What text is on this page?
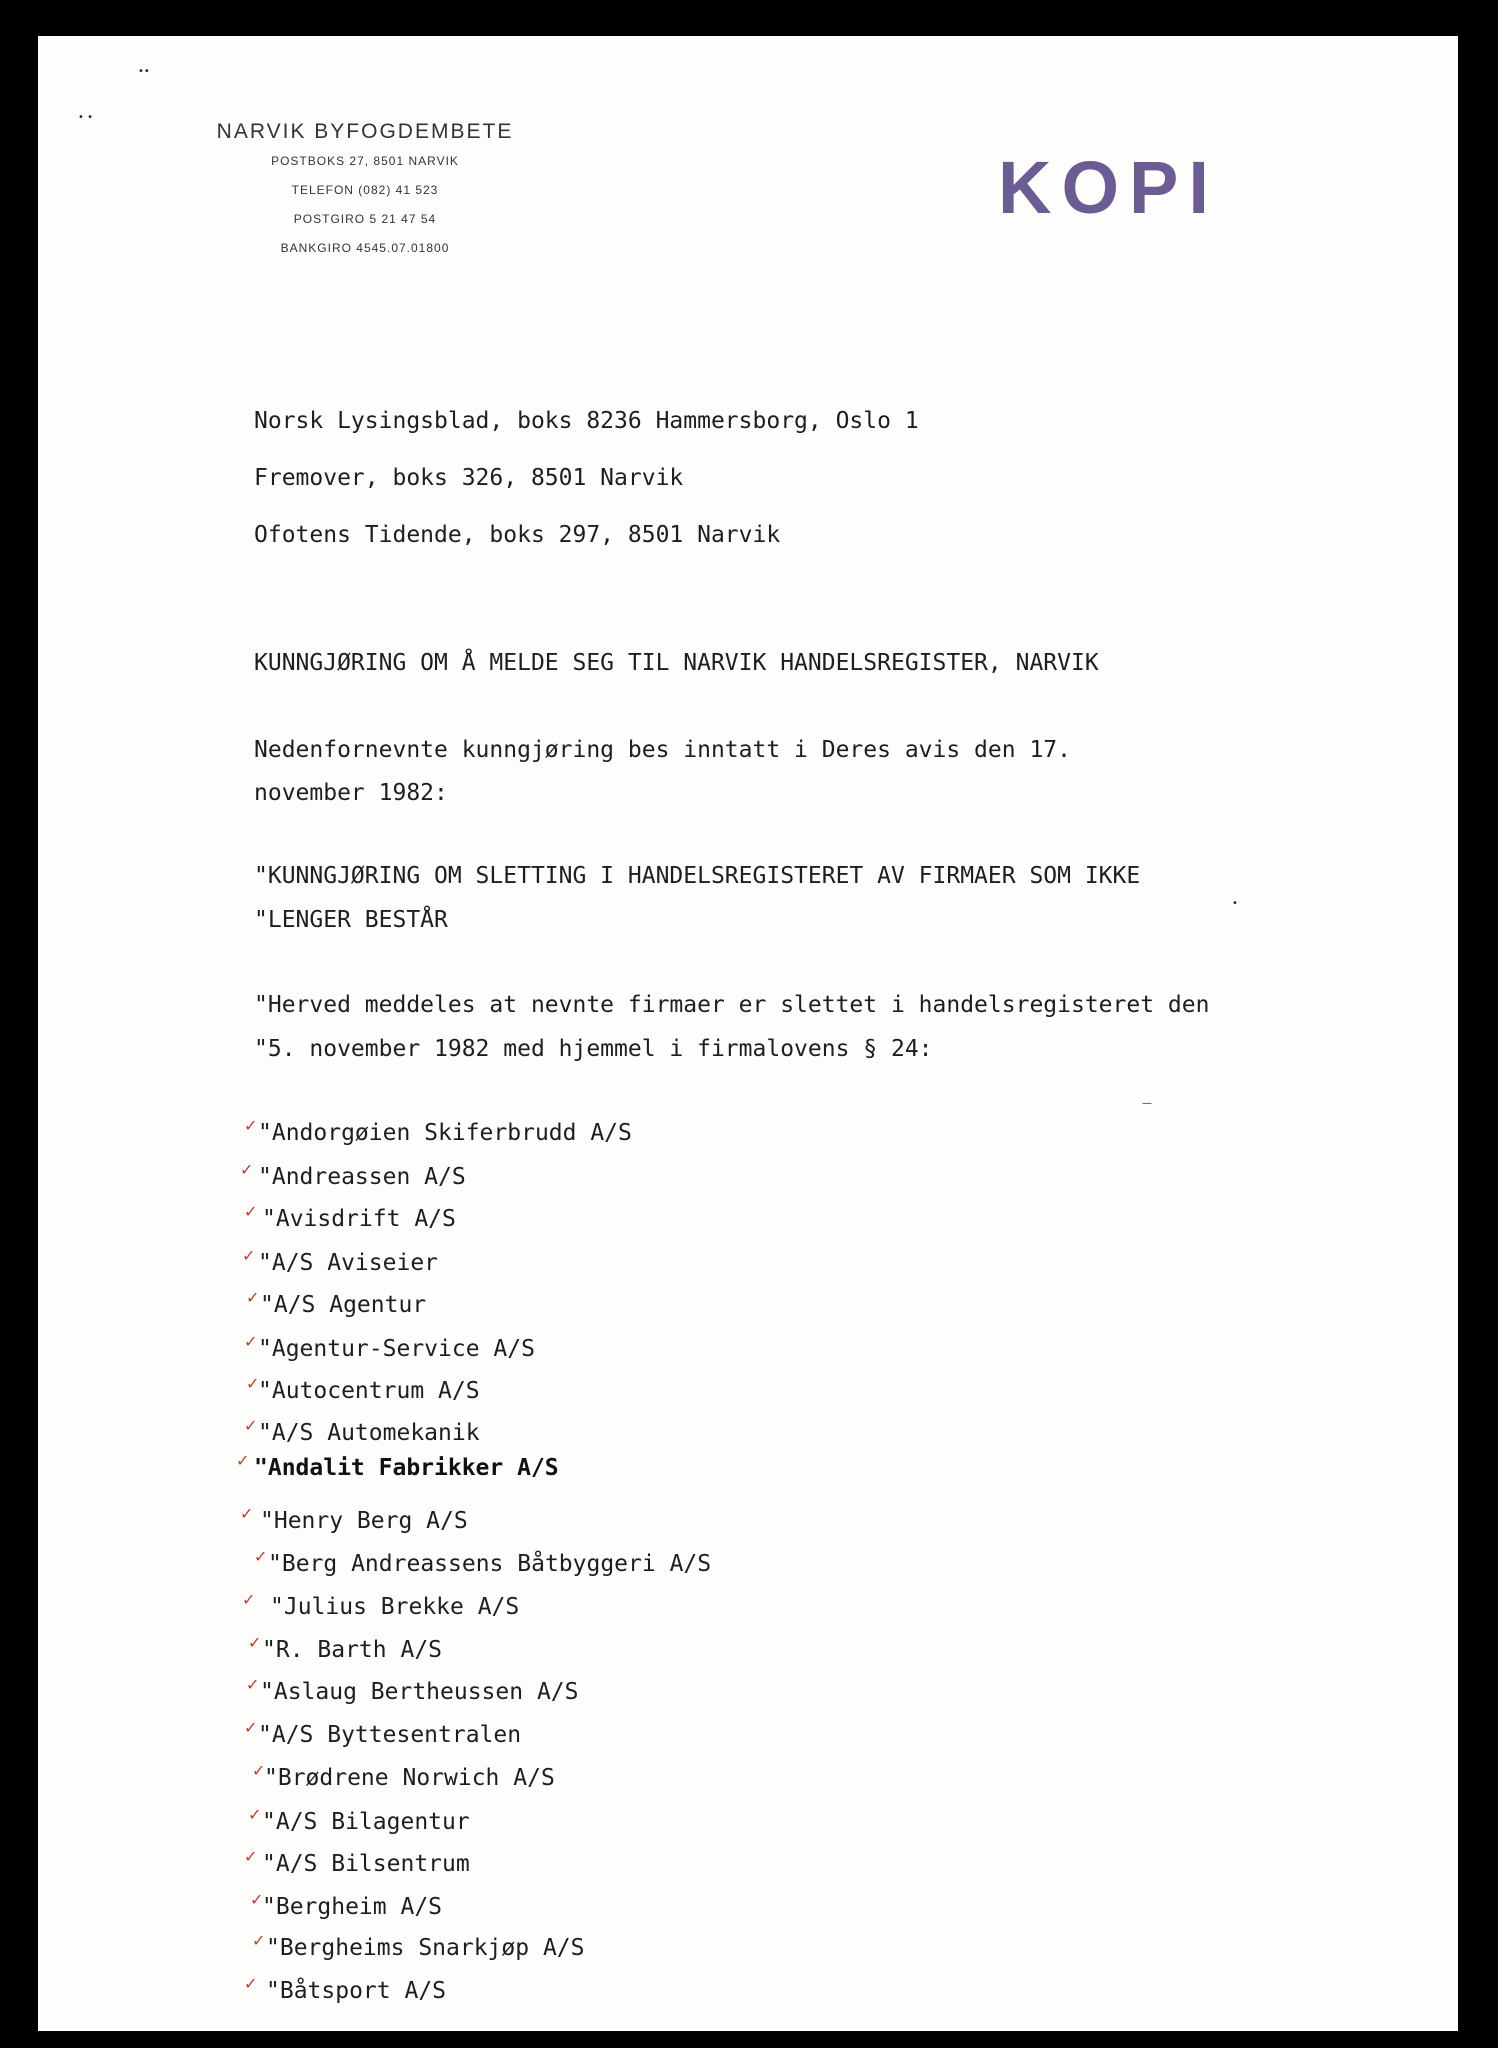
NARVIK BYFOGDEMBETE
POSTBOKS 27, 8501 NARVIK
TELEFON (082) 41 523
POSTGIRO 5 21 47 54
BANKGIRO 4545.07.01800
KOPI
••
• •
•
—
Norsk Lysingsblad, boks 8236 Hammersborg, Oslo 1
Fremover, boks 326, 8501 Narvik
Ofotens Tidende, boks 297, 8501 Narvik
KUNNGJØRING OM Å MELDE SEG TIL NARVIK HANDELSREGISTER, NARVIK
Nedenfornevnte kunngjøring bes inntatt i Deres avis den 17.
november 1982:
"KUNNGJØRING OM SLETTING I HANDELSREGISTERET AV FIRMAER SOM IKKE
"LENGER BESTÅR
"Herved meddeles at nevnte firmaer er slettet i handelsregisteret den
"5. november 1982 med hjemmel i firmalovens § 24:
✓ "Andorgøien Skiferbrudd A/S
✓ "Andreassen A/S
✓ "Avisdrift A/S
✓ "A/S Aviseier
✓ "A/S Agentur
✓ "Agentur-Service A/S
✓
"Autocentrum A/S
✓ "A/S Automekanik
✓ "Andalit Fabrikker A/S
✓ "Henry Berg A/S
✓ "Berg Andreassens Båtbyggeri A/S
✓ "Julius Brekke A/S
✓ "R. Barth A/S
✓ "Aslaug Bertheussen A/S
✓ "A/S Byttesentralen
✓
"Brødrene Norwich A/S
✓ "A/S Bilagentur
✓ "A/S Bilsentrum
✓
"Bergheim A/S
✓ "Bergheims Snarkjøp A/S
✓ "Båtsport A/S
